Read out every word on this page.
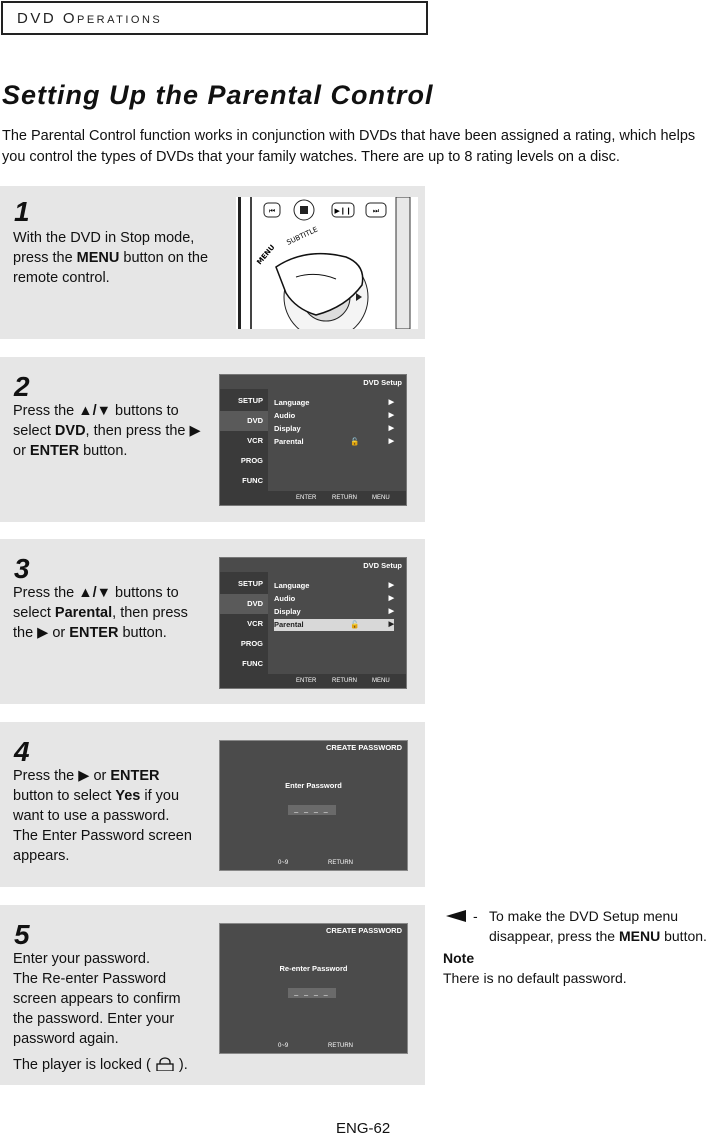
DVD Operations
Setting Up the Parental Control
The Parental Control function works in conjunction with DVDs that have been assigned a rating, which helps you control the types of DVDs that your family watches. There are up to 8 rating levels on a disc.
1
With the DVD in Stop mode, press the MENU button on the remote control.
⏮	▶❙❙	⏭
SUBTITLE
MENU
2
Press the ▲/▼ buttons to
select DVD, then press the ▶
or ENTER button.
DVD Setup
SETUP
DVD
VCR
PROG
FUNC
Language	▶
Audio	▶
Display	▶
Parental	🔓	▶
ENTER	RETURN	MENU
3
Press the ▲/▼ buttons to
select Parental, then press
the ▶ or ENTER button.
DVD Setup
SETUP
DVD
VCR
PROG
FUNC
Language	▶
Audio	▶
Display	▶
Parental	🔓	▶
ENTER	RETURN	MENU
4
Press the ▶ or ENTER
button to select Yes if you
want to use a password.
The Enter Password screen
appears.
CREATE PASSWORD
Enter Password
_ _ _ _
0~9	RETURN
5
Enter your password.
The Re-enter Password
screen appears to confirm
the password. Enter your
password again.
The player is locked ( ).
CREATE PASSWORD
Re-enter Password
_ _ _ _
0~9	RETURN
- To make the DVD Setup menu disappear, press the MENU button.
Note
There is no default password.
ENG-62
